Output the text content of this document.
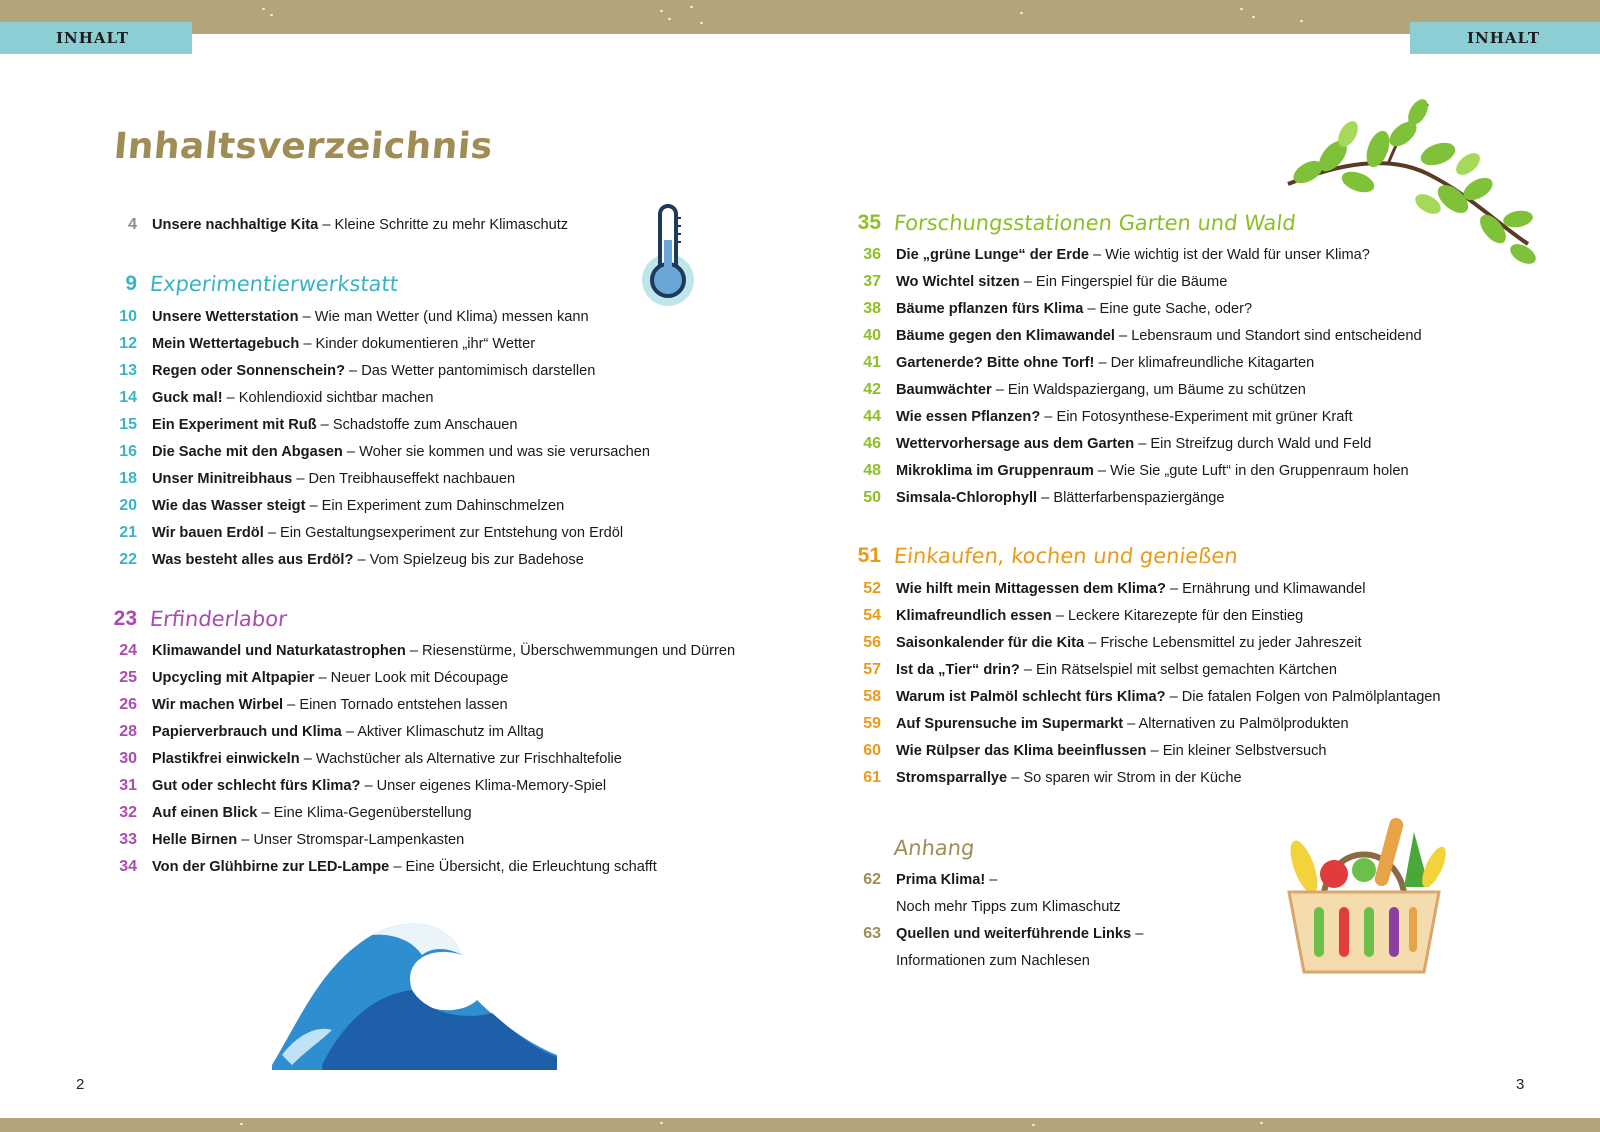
INHALT	INHALT
Inhaltsverzeichnis
4 Unsere nachhaltige Kita – Kleine Schritte zu mehr Klimaschutz
9 Experimentierwerkstatt
10 Unsere Wetterstation – Wie man Wetter (und Klima) messen kann
12 Mein Wettertagebuch – Kinder dokumentieren „ihr“ Wetter
13 Regen oder Sonnenschein? – Das Wetter pantomimisch darstellen
14 Guck mal! – Kohlendioxid sichtbar machen
15 Ein Experiment mit Ruß – Schadstoffe zum Anschauen
16 Die Sache mit den Abgasen – Woher sie kommen und was sie verursachen
18 Unser Minitreibhaus – Den Treibhauseffekt nachbauen
20 Wie das Wasser steigt – Ein Experiment zum Dahinschmelzen
21 Wir bauen Erdöl – Ein Gestaltungsexperiment zur Entstehung von Erdöl
22 Was besteht alles aus Erdöl? – Vom Spielzeug bis zur Badehose
23 Erfinderlabor
24 Klimawandel und Naturkatastrophen – Riesenstürme, Überschwemmungen und Dürren
25 Upcycling mit Altpapier – Neuer Look mit Découpage
26 Wir machen Wirbel – Einen Tornado entstehen lassen
28 Papierverbrauch und Klima – Aktiver Klimaschutz im Alltag
30 Plastikfrei einwickeln – Wachstücher als Alternative zur Frischhaltefolie
31 Gut oder schlecht fürs Klima? – Unser eigenes Klima-Memory-Spiel
32 Auf einen Blick – Eine Klima-Gegenüberstellung
33 Helle Birnen – Unser Stromspar-Lampenkasten
34 Von der Glühbirne zur LED-Lampe – Eine Übersicht, die Erleuchtung schafft
35 Forschungsstationen Garten und Wald
36 Die „grüne Lunge“ der Erde – Wie wichtig ist der Wald für unser Klima?
37 Wo Wichtel sitzen – Ein Fingerspiel für die Bäume
38 Bäume pflanzen fürs Klima – Eine gute Sache, oder?
40 Bäume gegen den Klimawandel – Lebensraum und Standort sind entscheidend
41 Gartenerde? Bitte ohne Torf! – Der klimafreundliche Kitagarten
42 Baumwächter – Ein Waldspaziergang, um Bäume zu schützen
44 Wie essen Pflanzen? – Ein Fotosynthese-Experiment mit grüner Kraft
46 Wettervorhersage aus dem Garten – Ein Streifzug durch Wald und Feld
48 Mikroklima im Gruppenraum – Wie Sie „gute Luft“ in den Gruppenraum holen
50 Simsala-Chlorophyll – Blätterfarbenspaziergänge
51 Einkaufen, kochen und genießen
52 Wie hilft mein Mittagessen dem Klima? – Ernährung und Klimawandel
54 Klimafreundlich essen – Leckere Kitarezepte für den Einstieg
56 Saisonkalender für die Kita – Frische Lebensmittel zu jeder Jahreszeit
57 Ist da „Tier“ drin? – Ein Rätselspiel mit selbst gemachten Kärtchen
58 Warum ist Palmöl schlecht fürs Klima? – Die fatalen Folgen von Palmölplantagen
59 Auf Spurensuche im Supermarkt – Alternativen zu Palmölprodukten
60 Wie Rülpser das Klima beeinflussen – Ein kleiner Selbstversuch
61 Stromsparrallye – So sparen wir Strom in der Küche
Anhang
62 Prima Klima! –
Noch mehr Tipps zum Klimaschutz
63 Quellen und weiterführende Links –
Informationen zum Nachlesen
2	3
